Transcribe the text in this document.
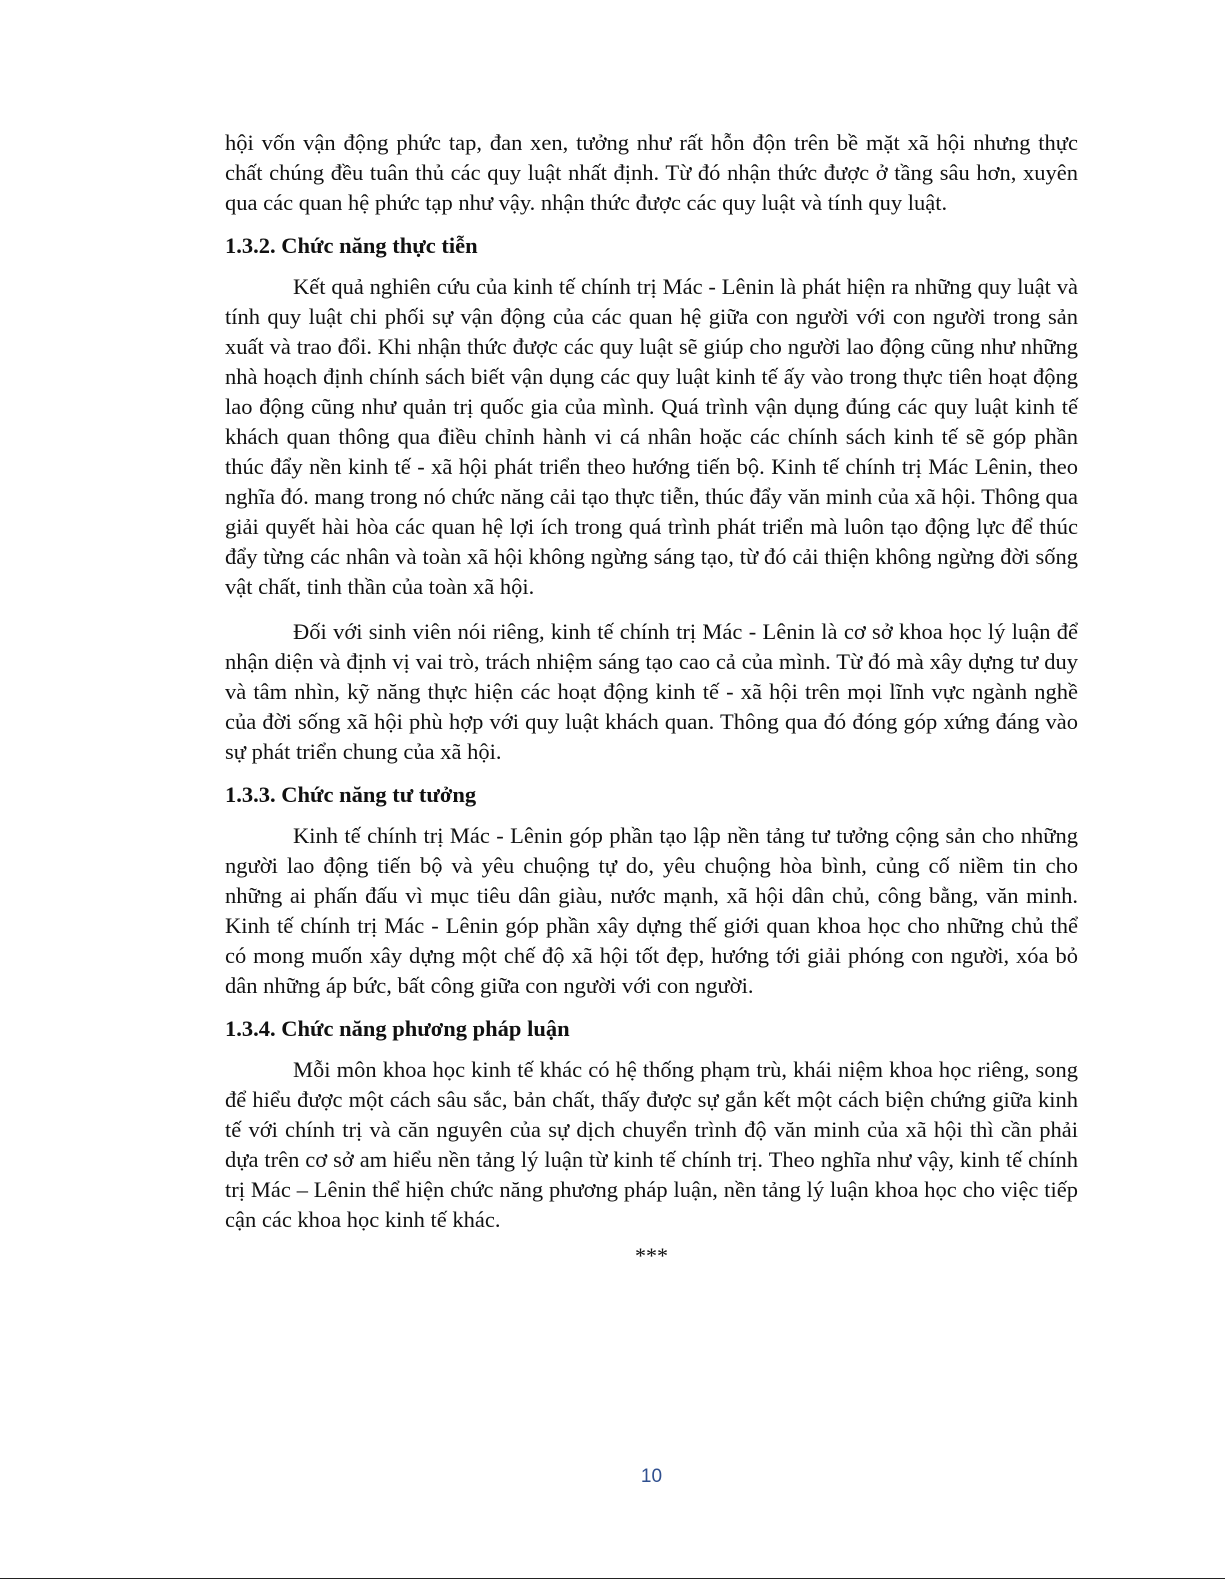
hội vốn vận động phức tap, đan xen, tưởng như rất hỗn độn trên bề mặt xã hội nhưng thực chất chúng đều tuân thủ các quy luật nhất định. Từ đó nhận thức được ở tầng sâu hơn, xuyên qua các quan hệ phức tạp như vậy. nhận thức được các quy luật và tính quy luật.

1.3.2. Chức năng thực tiễn

Kết quả nghiên cứu của kinh tế chính trị Mác - Lênin là phát hiện ra những quy luật và tính quy luật chi phối sự vận động của các quan hệ giữa con người với con người trong sản xuất và trao đổi. Khi nhận thức được các quy luật sẽ giúp cho người lao động cũng như những nhà hoạch định chính sách biết vận dụng các quy luật kinh tế ấy vào trong thực tiên hoạt động lao động cũng như quản trị quốc gia của mình. Quá trình vận dụng đúng các quy luật kinh tế khách quan thông qua điều chỉnh hành vi cá nhân hoặc các chính sách kinh tế sẽ góp phần thúc đẩy nền kinh tế - xã hội phát triển theo hướng tiến bộ. Kinh tế chính trị Mác Lênin, theo nghĩa đó. mang trong nó chức năng cải tạo thực tiễn, thúc đẩy văn minh của xã hội. Thông qua giải quyết hài hòa các quan hệ lợi ích trong quá trình phát triển mà luôn tạo động lực để thúc đẩy từng các nhân và toàn xã hội không ngừng sáng tạo, từ đó cải thiện không ngừng đời sống vật chất, tinh thần của toàn xã hội.

Đối với sinh viên nói riêng, kinh tế chính trị Mác - Lênin là cơ sở khoa học lý luận để nhận diện và định vị vai trò, trách nhiệm sáng tạo cao cả của mình. Từ đó mà xây dựng tư duy và tâm nhìn, kỹ năng thực hiện các hoạt động kinh tế - xã hội trên mọi lĩnh vực ngành nghề của đời sống xã hội phù hợp với quy luật khách quan. Thông qua đó đóng góp xứng đáng vào sự phát triển chung của xã hội.

1.3.3. Chức năng tư tưởng

Kinh tế chính trị Mác - Lênin góp phần tạo lập nền tảng tư tưởng cộng sản cho những người lao động tiến bộ và yêu chuộng tự do, yêu chuộng hòa bình, củng cố niềm tin cho những ai phấn đấu vì mục tiêu dân giàu, nước mạnh, xã hội dân chủ, công bằng, văn minh. Kinh tế chính trị Mác - Lênin góp phần xây dựng thế giới quan khoa học cho những chủ thể có mong muốn xây dựng một chế độ xã hội tốt đẹp, hướng tới giải phóng con người, xóa bỏ dân những áp bức, bất công giữa con người với con người.

1.3.4. Chức năng phương pháp luận

Mỗi môn khoa học kinh tế khác có hệ thống phạm trù, khái niệm khoa học riêng, song để hiểu được một cách sâu sắc, bản chất, thấy được sự gắn kết một cách biện chứng giữa kinh tế với chính trị và căn nguyên của sự dịch chuyển trình độ văn minh của xã hội thì cần phải dựa trên cơ sở am hiểu nền tảng lý luận từ kinh tế chính trị. Theo nghĩa như vậy, kinh tế chính trị Mác – Lênin thể hiện chức năng phương pháp luận, nền tảng lý luận khoa học cho việc tiếp cận các khoa học kinh tế khác.

***
10
